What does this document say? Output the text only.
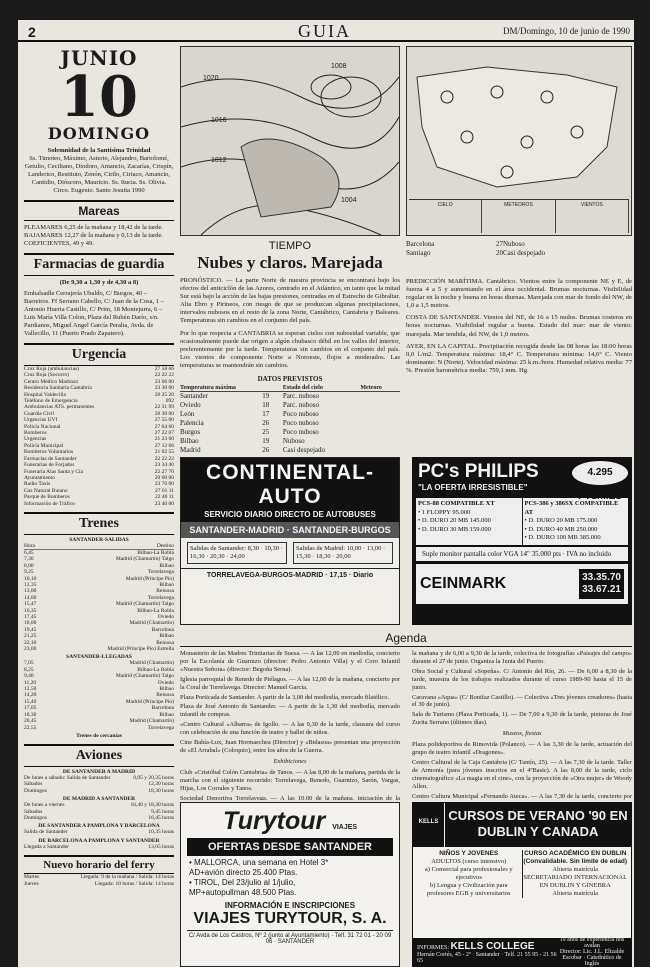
2	GUIA	DM/Domingo, 10 de junio de 1990
JUNIO
10
DOMINGO
Solemnidad de la Santísima Trinidad
Ss. Timoteo, Máximo, Asterio, Alejandro, Bartolomé, Getulio, Ceciliano, Diodoro, Amancio, Zacarías, Crispín, Landerico, Restituto, Zenón, Cirilo, Ciriaco, Amancio, Cantidio, Dióscoro, Mauricio. Ss. Itucia. Ss. Olivia. Circo. Eugenio. Santo Jesuita 1990
Mareas
PLEAMARES 6,25 de la mañana y 18,42 de la tarde. BAJAMARES 12,27 de la mañana y 0,13 de la tarde. COEFICIENTES, 49 y 49.
Farmacias de guardia
(De 9,30 a 1,30 y de 4,30 a 8)
Embalsadle Cerrajería Ubaldo, C/ Burgos, 40 – Barreiros. Ff Serrano Cabello, C/ Juan de la Cosa, 1 – Antonio Huerta Castillo, C/ Prim, 18 Montejurra, 6 – Luis María Villa Colon, Plaza del Rubén Darío, s/n. Pardianos, Miguel Angel García Peralta, Avda. de Vallecillo, 11 (Puerto Prado Zapatero).
Urgencia
Cruz Roja (ambulancias)	27 58 66
Cruz Roja (Socorro)	22 22 22
Centro Médico Madrazo	23 66 00
Residencia Sanitaria Cantabria	23 30 00
Hospital Valdecilla	20 25 20
Teléfono de Emergencia	092
Ambulancias ATS. permanentes	22 31 99
Guardia Civil	20 30 00
Urgencias UVI	27 55 00
Policía Nacional	27 64 60
Bomberos	27 22 07
Urgencias	21 23 00
Policía Municipal	27 12 66
Bomberos Voluntarios	21 02 55
Farmacias de Santander	22 22 22
Funerarias de Forjados	23 34 40
Funeraria Alas Santa y Cía	22 27 70
Ayuntamiento	20 00 00
Radio Taxis	23 70 00
Gas Natural Butano	27 61 11
Parque de Bomberos	22 40 11
Información de Tráfico	23 40 00
Trenes
SANTANDER-SALIDAS
Hora	Destino
6,45	Bilbao-La Robla
7,30	Madrid (Chamartín) Talgo
8,00	Bilbao
9,25	Torrelavega
10,10	Madrid (Príncipe Pío)
12,35	Bilbao
13,00	Reinosa
14,00	Torrelavega
15,47	Madrid (Chamartín) Talgo
16,35	Bilbao-La Robla
17,45	Oviedo
18,00	Madrid (Chamartín)
19,45	Barcelona
21,25	Bilbao
22,10	Reinosa
23,00	Madrid (Príncipe Pío) Estrella
SANTANDER-LLEGADAS
7,05	Madrid (Chamartín)
8,25	Bilbao-La Robla
9,40	Madrid (Chamartín) Talgo
11,20	Oviedo
12,50	Bilbao
14,20	Reinosa
15,40	Madrid (Príncipe Pío)
17,05	Barcelona
18,30	Bilbao
20,45	Madrid (Chamartín)
22,55	Torrelavega
Trenes de cercanías
Aviones
DE SANTANDER A MADRID
De lunes a sábado: Salida de Santander	8,05 y 20,35 horas
Sábados	12,30 horas
Domingos	18,30 horas
DE MADRID A SANTANDER
De lunes a viernes	16,40 y 18,30 horas
Sábados	9,45 horas
Domingos	16,45 horas
DE SANTANDER A PAMPLONA Y BARCELONA
Salida de Santander	10,35 horas
DE BARCELONA A PAMPLONA Y SANTANDER
Llegada a Santander	13,05 horas
Nuevo horario del ferry
Martes	Llegada: 9 de la mañana / Salida: 14 horas
Jueves	Llegada: 10 horas / Salida: 14 horas
1020
1016
1012
1008
1004
CIELO	METEOROS	VIENTOS
TIEMPO
Nubes y claros. Marejada
PRONÓSTICO. — La parte Norte de nuestra provincia se encontrará bajo los efectos del anticiclón de las Azores, centrado en el Atlántico, en tanto que la mitad Sur está bajo la acción de las bajas presiones, centradas en el Estrecho de Gibraltar. Alta Ebro y Pirineos, con riesgo de que se produzcan algunas precipitaciones, intervalos nubosos en el resto de la zona Norte, Cantábrico, Cantabria y Baleares. Temperaturas sin cambios en el conjunto del país.
Por lo que respecta a CANTABRIA se esperan cielos con nubosidad variable, que ocasionalmente puede dar origen a algún chubasco débil en los valles del interior, preferentemente por la tarde. Temperaturas sin cambios en el conjunto del país. Los vientos de componente Norte a Noroeste, flojos a moderados. Las temperaturas se mantendrán sin cambios.
DATOS PREVISTOS
Temperatura máxima		Estado del cielo	Meteoro
Santander	19	Parc. nuboso	
Oviedo	18	Parc. nuboso	
León	17	Poco nuboso	
Palencia	26	Poco nuboso	
Burgos	25	Poco nuboso	
Bilbao	19	Nuboso	
Madrid	26	Casi despejado	
Barcelona	27 Nuboso
Santiago	20 Casi despejado
PREDICCIÓN MARÍTIMA. Cantábrico. Vientos entre la componente NE y E, de fuerza 4 a 5 y aumentando en el área occidental. Brumas nocturnas. Visibilidad regular en la noche y buena en horas diurnas. Marejada con mar de fondo del NW, de 1,0 a 1,5 metros.
COSTA DE SANTANDER. Vientos del NE, de 16 a 15 nudos. Brumas costeras en horas nocturnas. Visibilidad regular a buena. Estado del mar: mar de viento: marejada. Mar tendida, del NW, de 1,0 metros.
AYER, EN LA CAPITAL. Precipitación recogida desde las 08 horas las 18:00 horas 0,0 l./m2. Temperatura máxima: 18,4° C. Temperatura mínima: 14,6° C. Viento dominante: N (Norte). Velocidad máxima: 25 k.m./hora. Humedad relativa media: 77 %. Presión barométrica media: 759,1 mm. Hg.
CONTINENTAL-AUTO
SERVICIO DIARIO DIRECTO DE AUTOBUSES
SANTANDER-MADRID · SANTANDER-BURGOS
Salidas de Santander: 8,30 · 10,30 · 16,30 · 20,30 · 24,00
Salidas de Madrid: 10,00 · 13,00 · 15,30 · 18,30 · 20,00
TORRELAVEGA-BURGOS-MADRID · 17,15 · Diario
PC's PHILIPS
"LA OFERTA IRRESISTIBLE"
4.295 PTS/MES
PCS-88 COMPATIBLE XT
• 1 FLOPPY 95.000
• D. DURO 20 MB 145.000
• D. DURO 30 MB 159.000
PCS-386 y 386SX COMPATIBLE AT
• D. DURO 20 MB 175.000
• D. DURO 40 MB 250.000
• D. DURO 100 MB 385.000
Suple monitor pantalla color VGA 14" 35.000 pts · IVA no incluido
CEINMARK	33.35.70
33.67.21
Agenda

Monasterio de las Madres Trinitarias de Suesa. — A las 12,00 en mediodía, concierto por la Escolanía de Guarnizo (director: Pedro Antonio Villa) y el Coro Infantil «Nuestra Señora» (director: Begoña Serna).

Iglesia parroquial de Renedo de Piélagos. — A las 12,00 de la mañana, concierto por la Coral de Torrelavega. Director: Manuel Garcia.

Plaza Porticada de Santander. A partir de la 3,00 del mediodía, mercado filatélico.

Plaza de José Antonio de Santander. — A partir de la 1,30 del mediodía, mercado infantil de compras.

«Centro Cultural «Albarra» de Igollo. — A las 9,30 de la tarde, clausura del curso con celebración de una función de teatro y ballet de niños.

Cine Bahía-Lux, Juan Hormaechea (Director) y «Bidasoa» presentan una proyección de «El Arrabal» (Coloquio), entre los años de la Guerra.

Exhibiciones

Club «Cristóbal Colón Cantabria» de Tanos. — A las 8,00 de la mañana, partida de la marcha con el siguiente recorrido: Torrelavega, Renedo, Guarnizo, Sarón, Vargas, Hijas, Los Corrales y Tanos.

Sociedad Deportiva Torrelavega. — A las 10,00 de la mañana, iniciación de la

la mañana y de 6,00 a 9,30 de la tarde, colectiva de fotografías «Paisajes del campo» durante el 27 de junio. Organiza la Junta del Puerto.

Obra Social y Cultural «Sopeña». C/ Antonio del Río, 26. — De 6,00 a 8,30 de la tarde, muestra de los trabajos realizados durante el curso 1989-90 hasta el 15 de junio.

Caravana «Aqua» (C/ Bonifaz Castillo). — Colectiva «Tres jóvenes creadores» (hasta el 30 de junio).

Sala de Turismo (Plaza Porticada, 1). — De 7,00 a 9,30 de la tarde, pinturas de José Zurita Serrano (últimos días).

Museos, fiestas

Plaza polideportiva de Rimovida (Polanco). — A las 3,30 de la tarde, actuación del grupo de teatro infantil «Dragones».

Centro Cultural de la Caja Cantabria (C/ Tantín, 25). — A las 7,30 de la tarde. Taller de Armonía (para jóvenes inscritos en el 4ºBasic). A las 8,00 de la tarde, ciclo cinematográfico «La magia en el cine», con la proyección de «Otra mujer» de Woody Allen.

Centro Cultura Municipal «Fernando Ateca». — A las 7,30 de la tarde, concierto por

Turytour VIAJES
OFERTAS DESDE SANTANDER
• MALLORCA, una semana en Hotel 3*
AD+avión directo 25.400 Ptas.
• TIROL, Del 23/julio al 1/julio,
MP+autopullman 48.500 Ptas.
INFORMACIÓN E INSCRIPCIONES
VIAJES TURYTOUR, S. A.
C/ Avda de Los Castros, Nº 2 (junto al Ayuntamiento) · Telf. 31 72 01 - 20 09 06 · SANTANDER
KELLS CURSOS DE VERANO '90 EN DUBLIN Y CANADA
NIÑOS Y JOVENES
ADULTOS (curso intensivo)
a) Comercial para profesionales y ejecutivos
b) Lengua y Civilización para profesores EGB y universitarios
CURSO ACADÉMICO EN DUBLIN (Convalidable. Sin límite de edad)
Abierta matrícula
SECRETARIADO INTERNACIONAL EN DUBLIN Y GINEBRA
Abierta matrícula
INFORMES: KELLS COLLEGE
Hernán Cortés, 45 - 2º · Santander · Telf. 21 55 95 - 21 56 65
19 años de experiencia nos avalan
Director: Lic. J.L. Elizalde Escobar · Catedrático de Inglés
